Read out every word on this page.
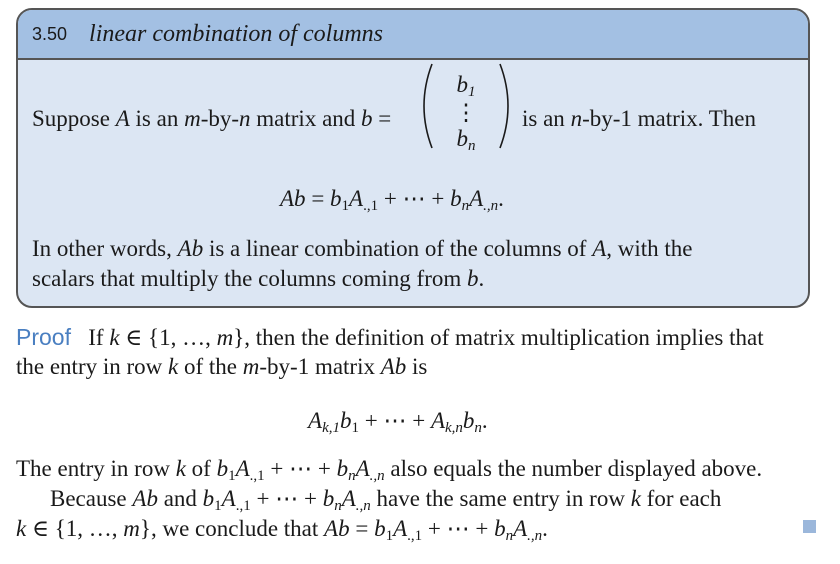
3.50 linear combination of columns
Suppose A is an m-by-n matrix and b =
$b_1$
⋮
$b_n$
is an n-by-1 matrix. Then
$Ab = b_1A_{.,1}$ + ⋯ + $b_nA_{.,n}$.
In other words, Ab is a linear combination of the columns of A, with the
scalars that multiply the columns coming from b.
Proof If k ∈ {1, …, m}, then the definition of matrix multiplication implies that
the entry in row k of the m-by-1 matrix Ab is
$A_{k,1}b_1$ + ⋯ + $A_{k,n}b_n$.
The entry in row k of $b_1A_{.,1}$ + ⋯ + $b_nA_{.,n}$ also equals the number displayed above.
Because Ab and $b_1A_{.,1}$ + ⋯ + $b_nA_{.,n}$ have the same entry in row k for each
k ∈ {1, …, m}, we conclude that $Ab = b_1A_{.,1}$ + ⋯ + $b_nA_{.,n}$.
